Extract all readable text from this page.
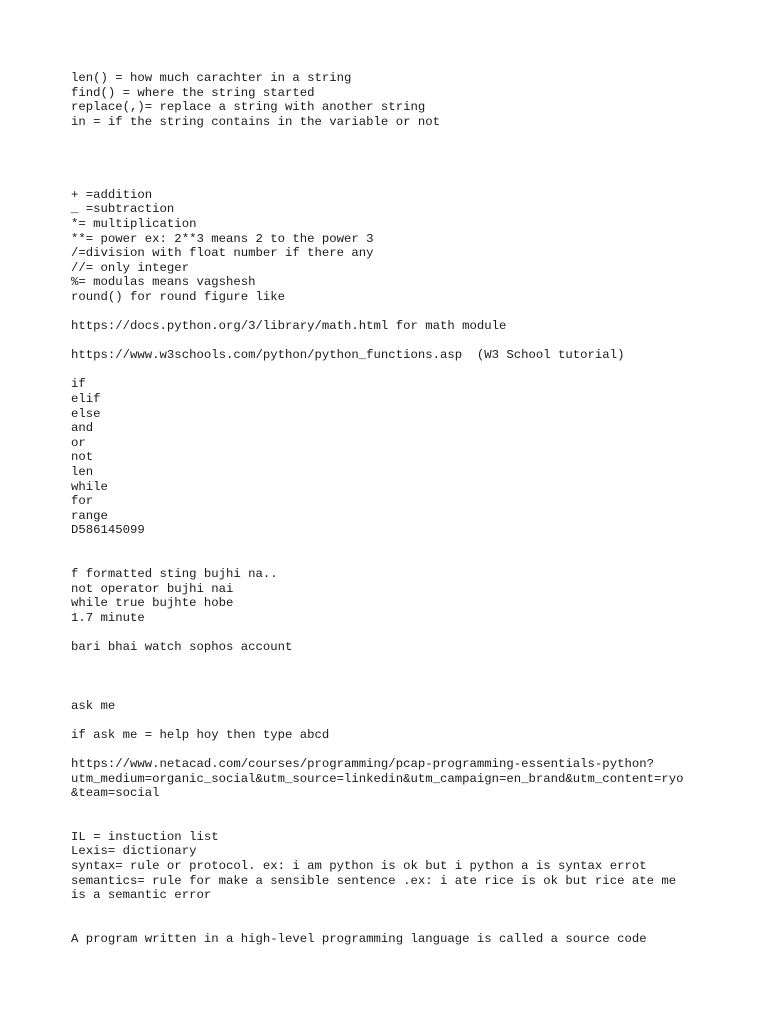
len() = how much carachter in a string
find() = where the string started
replace(,)= replace a string with another string
in = if the string contains in the variable or not
+ =addition
_ =subtraction
*= multiplication
**= power ex: 2**3 means 2 to the power 3
/=division with float number if there any
//= only integer
%= modulas means vagshesh
round() for round figure like
https://docs.python.org/3/library/math.html for math module
https://www.w3schools.com/python/python_functions.asp  (W3 School tutorial)
if
elif
else
and
or
not
len
while
for
range
D586145099
f formatted sting bujhi na..
not operator bujhi nai
while true bujhte hobe
1.7 minute
bari bhai watch sophos account
ask me
if ask me = help hoy then type abcd
https://www.netacad.com/courses/programming/pcap-programming-essentials-python?
utm_medium=organic_social&utm_source=linkedin&utm_campaign=en_brand&utm_content=ryo
&team=social
IL = instuction list
Lexis= dictionary
syntax= rule or protocol. ex: i am python is ok but i python a is syntax errot
semantics= rule for make a sensible sentence .ex: i ate rice is ok but rice ate me
is a semantic error
A program written in a high-level programming language is called a source code
